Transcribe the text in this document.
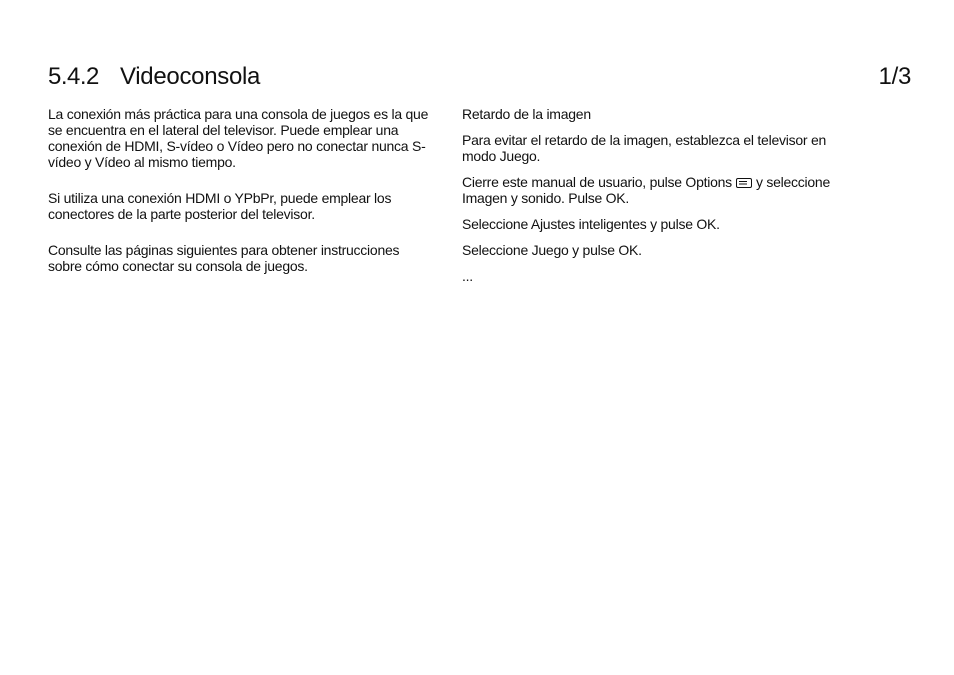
5.4.2 Videoconsola	1/3

La conexión más práctica para una consola de juegos es la que se encuentra en el lateral del televisor. Puede emplear una conexión de HDMI, S-vídeo o Vídeo pero no conectar nunca S-vídeo y Vídeo al mismo tiempo.

Si utiliza una conexión HDMI o YPbPr, puede emplear los conectores de la parte posterior del televisor.

Consulte las páginas siguientes para obtener instrucciones sobre cómo conectar su consola de juegos.

Retardo de la imagen

Para evitar el retardo de la imagen, establezca el televisor en modo Juego.

Cierre este manual de usuario, pulse Options y seleccione Imagen y sonido. Pulse OK.

Seleccione Ajustes inteligentes y pulse OK.

Seleccione Juego y pulse OK.

...
